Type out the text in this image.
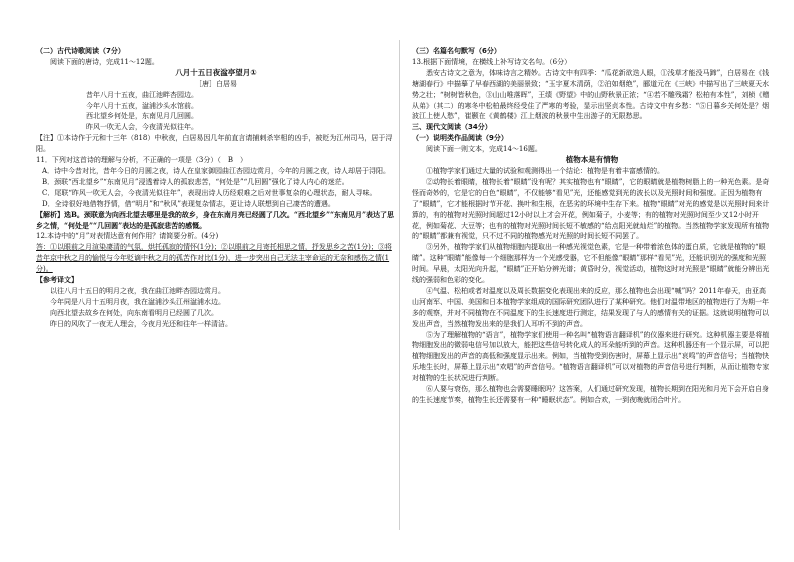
（二）古代诗歌阅读（7分）

阅读下面的唐诗，完成11～12题。

八月十五日夜湓亭望月①

［唐］白居易

昔年八月十五夜，曲江池畔杏园边。

今年八月十五夜，湓浦沙头水馆前。

西北望乡何处是，东南见月几回圆。

昨风一吹无人会，今夜清光似往年。

【注】①本诗作于元和十三年（818）中秋夜，白居易因几年前直言请捕刺杀宰相的凶手，被贬为江州司马，居于浔阳。

11．下列对这首诗的理解与分析，不正确的一项是（3分）（　B　）

A．诗中今昔对比，昔年今日的月圆之夜，诗人在皇家御园曲江杏园边赏月，今年的月圆之夜，诗人却居于浔阳。

B．颈联“西北望乡”“东南见月”浸透着诗人的孤寂悲苦，“何处是”“几回圆”强化了诗人内心的迷茫。

C．尾联“昨风一吹无人会，今夜清光似往年”，表现出诗人历经艰难之后对世事复杂的心理状态，耐人寻味。

D．全诗很好地借物抒情，借“明月”和“秋风”表现复杂情志，更让诗人联想到自己凄苦的遭遇。

【解析】选B。颈联意为向西北望去哪里是我的故乡，身在东南月亮已经圆了几次。“西北望乡”“东南见月”表达了思乡之情，“何处是”“几回圆”表达的是孤寂悲苦的感慨。

12.本诗中的“月”对表情达意有何作用？请简要分析。(4分)

答：①以眼前之月渲染凄清的气氛，烘托孤寂的情怀(1分)；②以眼前之月寄托相思之情，抒发思乡之苦(1分)；③将昔年京中秋之月的愉悦与今年贬谪中秋之月的孤苦作对比(1分)，进一步突出自己无法主宰命运的无奈和感伤之情(1分)。

【参考译文】

以往八月十五日的明月之夜，我在曲江池畔杏园边赏月。

今年同是八月十五明月夜，我在湓浦沙头江州湓浦水边。

向西北望去故乡在何处，向东南看明月已经圆了几次。

昨日的风吹了一夜无人理会，今夜月光还和往年一样清洁。

（三）名篇名句默写（6分）

13.根据下面情境，在横线上补写诗文名句。（6分）

悉安古诗文之意为，体味诗言之精妙。古诗文中有四季：“瓜花新欲迭人眼，①浅草才能没马蹄”，白居易在《钱塘湖春行》中描摹了早春西湖的美丽景致；“玉宇夏木清荫，②泊如烟绝”，郦道元在《三峡》中描写出了三峡夏天水势之壮；“树树皆秋色，③山山唯落晖”，王绩《野望》中的山野秋景正浓；“④若不雕残霜？松柏有本性”，刘桢《赠从弟》（其二）的寒冬中松柏最终经受住了严寒的考验，显示出坚贞本性。古诗文中有乡愁：“⑤日暮乡关何处是？烟波江上使人愁”，崔颢在《黄鹤楼》江上烟波的秋景中生出游子的无限愁思。

三、现代文阅读（34分）

（一）说明类作品阅读（9分）

阅读下面一则文本，完成14～16题。

植物本是有情物

①植物学家们通过大量的试验和观测得出一个结论：植物是有着丰富感情的。

②动物长着眼睛，植物长着“眼睛”没有呢？其实植物也有“眼睛”，它的眼睛就是植物树脂上的一种光色素。是奇怪而奇妙的，它是它的白色“眼睛”，不仅能够“看见”光，还能感觉到光的波长以及光照时间和强度。正因为植物有了“眼睛”，它才能根据时节开花、换叶和生根，在恶劣的环境中生存下来。植物“眼睛”对光的感觉是以光照时间来计算的，有的植物对光照时间超过12小时以上才会开花，例如菊子，小麦等；有的植物对光照时间至少又12小时开花，例如菊花、大豆等；也有的植物对光照时间长短不敏感的“给点阳光就灿烂”的植物。当然植物学家发现所有植物的“眼睛”都兼有视觉，只不过不同的植物感光对光照的时间长短不同罢了。

③另外，植物学家们从植物细胞内提取出一种感光视觉色素，它是一种带着浓色体的蛋白质，它就是植物的“眼睛”。这种“眼睛”能像每一个细胞那样为一个光感受器，它不但能像“眼睛”那样“看见”光，还能识别光的强度和光照时间。早晨，太阳光向升起，“眼睛”正开始分辨光谱；黄昏时分，视觉活动，植物这时对光照是“眼睛”就能分辨出光线的强弱和色彩的变化。

④气温、松柏或者对温度以及周长数据变化表现出来的反应，那么植物也会出现“喊”吗？2011年春天，由亚高山河南军、中国、美国和日本植物学家组成的国际研究团队进行了某种研究。他们对温带地区的植物进行了为期一年多的观察，并对不同植物在不同温度下的生长速度进行测定，结果发现了与人的感情有关的证据。这就说明植物可以发出声音，当然植物发出来的是我们人耳听不到的声音。

⑤为了理解植物的“语言”，植物学家们使用一种名叫“植物语言翻译机”的仪器来进行研究。这种机器主要是将植物细胞发出的微弱电信号加以放大，能把这些信号转化成人的耳朵能听到的声音。这种机器还有一个显示屏，可以把植物细胞发出的声音的高低和强度显示出来。例如，当植物受到伤害时，屏幕上显示出“哀鸣”的声音信号；当植物快乐地生长时，屏幕上显示出“欢唱”的声音信号。“植物语言翻译机”可以对植物的声音信号进行判断，从而让植物专家对植物的生长状况进行判断。

⑥人要与衰伤，那么植物也会需要睡眠吗？这答案，人们通过研究发现，植物长期到在阳光和月光下会开启自身的生长速度节奏，植物生长还需要有一种“睡眠状态”。例如合欢，一到夜晚就闭合叶片。
